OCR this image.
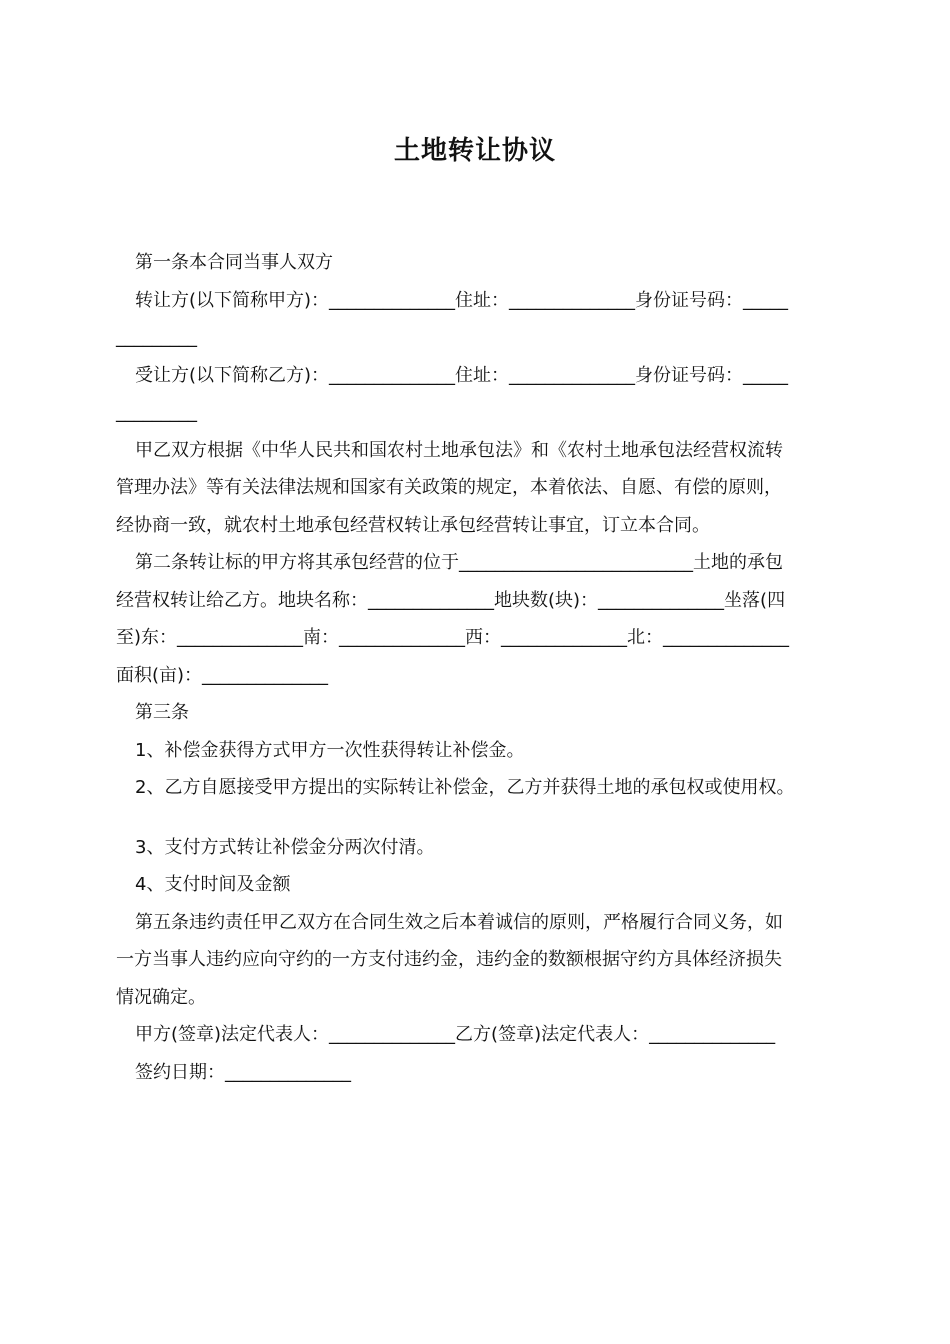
土地转让协议
第一条本合同当事人双方
转让方(以下简称甲方)：______________住址：______________身份证号码：_____
_________
受让方(以下简称乙方)：______________住址：______________身份证号码：_____
_________
甲乙双方根据《中华人民共和国农村土地承包法》和《农村土地承包法经营权流转
管理办法》等有关法律法规和国家有关政策的规定，本着依法、自愿、有偿的原则，
经协商一致，就农村土地承包经营权转让承包经营转让事宜，订立本合同。
第二条转让标的甲方将其承包经营的位于__________________________土地的承包
经营权转让给乙方。地块名称：______________地块数(块)：______________坐落(四
至)东：______________南：______________西：______________北：______________
面积(亩)：______________
第三条
1、补偿金获得方式甲方一次性获得转让补偿金。
2、乙方自愿接受甲方提出的实际转让补偿金，乙方并获得土地的承包权或使用权。
3、支付方式转让补偿金分两次付清。
4、支付时间及金额
第五条违约责任甲乙双方在合同生效之后本着诚信的原则，严格履行合同义务，如
一方当事人违约应向守约的一方支付违约金，违约金的数额根据守约方具体经济损失
情况确定。
甲方(签章)法定代表人：______________乙方(签章)法定代表人：______________
签约日期：______________
